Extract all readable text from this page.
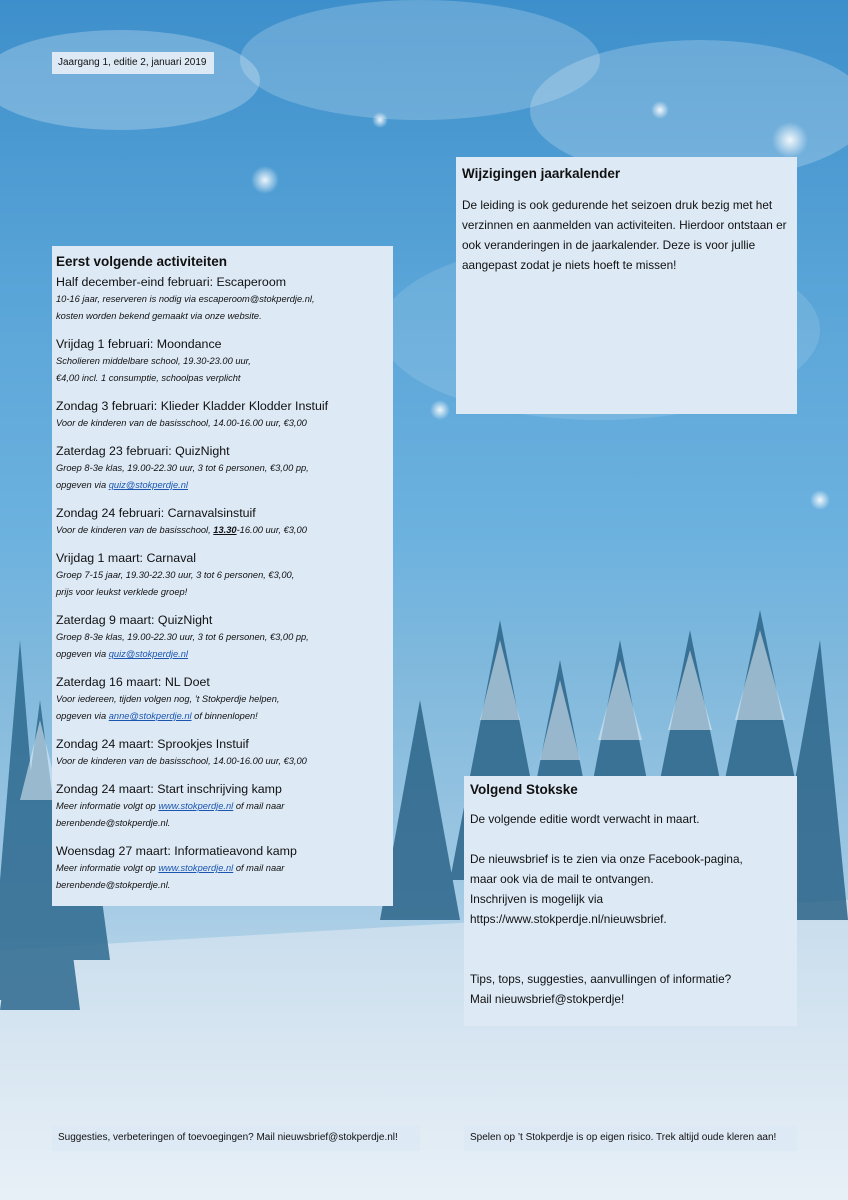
Jaargang 1, editie 2, januari 2019
Eerst volgende activiteiten
Half december-eind februari: Escaperoom
10-16 jaar, reserveren is nodig via escaperoom@stokperdje.nl,
kosten worden bekend gemaakt via onze website.
Vrijdag 1 februari: Moondance
Scholieren middelbare school, 19.30-23.00 uur,
€4,00 incl. 1 consumptie, schoolpas verplicht
Zondag 3 februari: Klieder Kladder Klodder Instuif
Voor de kinderen van de basisschool, 14.00-16.00 uur, €3,00
Zaterdag 23 februari: QuizNight
Groep 8-3e klas, 19.00-22.30 uur, 3 tot 6 personen, €3,00 pp,
opgeven via quiz@stokperdje.nl
Zondag 24 februari: Carnavalsinstuif
Voor de kinderen van de basisschool, 13.30-16.00 uur, €3,00
Vrijdag 1 maart: Carnaval
Groep 7-15 jaar, 19.30-22.30 uur, 3 tot 6 personen, €3,00,
prijs voor leukst verklede groep!
Zaterdag 9 maart: QuizNight
Groep 8-3e klas, 19.00-22.30 uur, 3 tot 6 personen, €3,00 pp,
opgeven via quiz@stokperdje.nl
Zaterdag 16 maart: NL Doet
Voor iedereen, tijden volgen nog, ’t Stokperdje helpen,
opgeven via anne@stokperdje.nl of binnenlopen!
Zondag 24 maart: Sprookjes Instuif
Voor de kinderen van de basisschool, 14.00-16.00 uur, €3,00
Zondag 24 maart: Start inschrijving kamp
Meer informatie volgt op www.stokperdje.nl of mail naar
berenbende@stokperdje.nl.
Woensdag 27 maart: Informatieavond kamp
Meer informatie volgt op www.stokperdje.nl of mail naar
berenbende@stokperdje.nl.
Wijzigingen jaarkalender

De leiding is ook gedurende het seizoen druk bezig met het verzinnen en aanmelden van activiteiten. Hierdoor ontstaan er ook veranderingen in de jaarkalender. Deze is voor jullie aangepast zodat je niets hoeft te missen!

Volgend Stokske

De volgende editie wordt verwacht in maart.

De nieuwsbrief is te zien via onze Facebook-pagina,
maar ook via de mail te ontvangen.
Inschrijven is mogelijk via
https://www.stokperdje.nl/nieuwsbrief.

Tips, tops, suggesties, aanvullingen of informatie?
Mail nieuwsbrief@stokperdje!

Suggesties, verbeteringen of toevoegingen? Mail nieuwsbrief@stokperdje.nl!	Spelen op ’t Stokperdje is op eigen risico. Trek altijd oude kleren aan!
